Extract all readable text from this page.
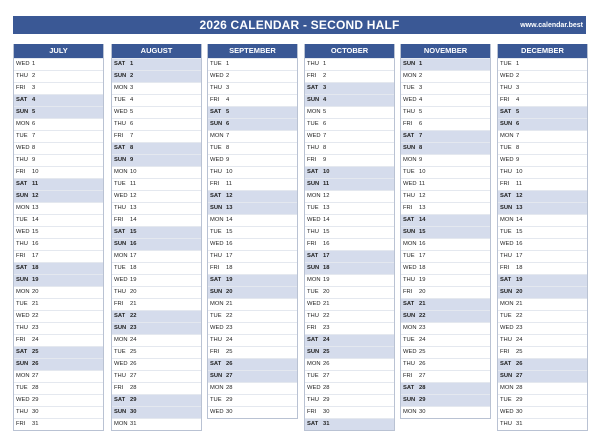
2026 CALENDAR - SECOND HALF	www.calendar.best
JULY
WED 1
THU 2
FRI 3
SAT 4
SUN 5
MON 6
TUE 7
WED 8
THU 9
FRI 10
SAT 11
SUN 12
MON 13
TUE 14
WED 15
THU 16
FRI 17
SAT 18
SUN 19
MON 20
TUE 21
WED 22
THU 23
FRI 24
SAT 25
SUN 26
MON 27
TUE 28
WED 29
THU 30
FRI 31
AUGUST
SAT 1
SUN 2
MON 3
TUE 4
WED 5
THU 6
FRI 7
SAT 8
SUN 9
MON 10
TUE 11
WED 12
THU 13
FRI 14
SAT 15
SUN 16
MON 17
TUE 18
WED 19
THU 20
FRI 21
SAT 22
SUN 23
MON 24
TUE 25
WED 26
THU 27
FRI 28
SAT 29
SUN 30
MON 31
SEPTEMBER
TUE 1
WED 2
THU 3
FRI 4
SAT 5
SUN 6
MON 7
TUE 8
WED 9
THU 10
FRI 11
SAT 12
SUN 13
MON 14
TUE 15
WED 16
THU 17
FRI 18
SAT 19
SUN 20
MON 21
TUE 22
WED 23
THU 24
FRI 25
SAT 26
SUN 27
MON 28
TUE 29
WED 30
OCTOBER
THU 1
FRI 2
SAT 3
SUN 4
MON 5
TUE 6
WED 7
THU 8
FRI 9
SAT 10
SUN 11
MON 12
TUE 13
WED 14
THU 15
FRI 16
SAT 17
SUN 18
MON 19
TUE 20
WED 21
THU 22
FRI 23
SAT 24
SUN 25
MON 26
TUE 27
WED 28
THU 29
FRI 30
SAT 31
NOVEMBER
SUN 1
MON 2
TUE 3
WED 4
THU 5
FRI 6
SAT 7
SUN 8
MON 9
TUE 10
WED 11
THU 12
FRI 13
SAT 14
SUN 15
MON 16
TUE 17
WED 18
THU 19
FRI 20
SAT 21
SUN 22
MON 23
TUE 24
WED 25
THU 26
FRI 27
SAT 28
SUN 29
MON 30
DECEMBER
TUE 1
WED 2
THU 3
FRI 4
SAT 5
SUN 6
MON 7
TUE 8
WED 9
THU 10
FRI 11
SAT 12
SUN 13
MON 14
TUE 15
WED 16
THU 17
FRI 18
SAT 19
SUN 20
MON 21
TUE 22
WED 23
THU 24
FRI 25
SAT 26
SUN 27
MON 28
TUE 29
WED 30
THU 31
